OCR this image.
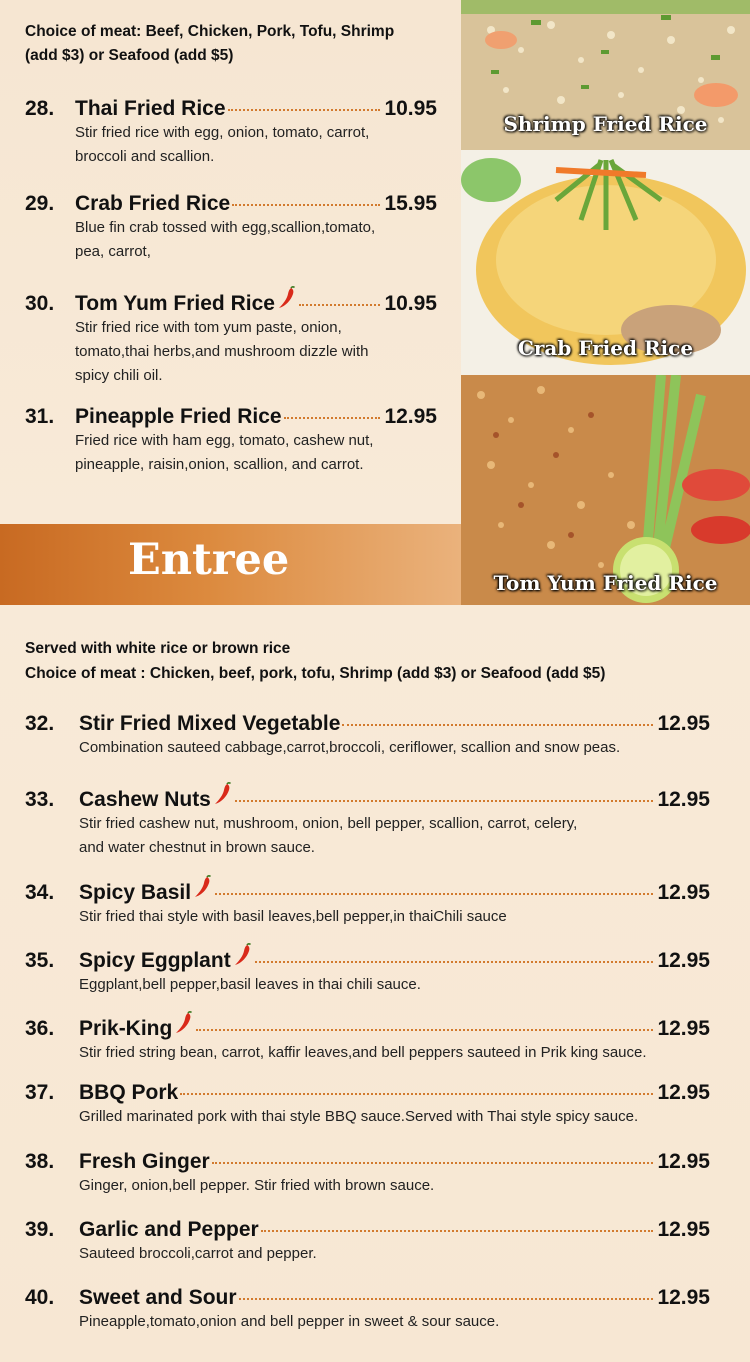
Choice of meat: Beef, Chicken, Pork, Tofu, Shrimp
(add $3) or Seafood (add $5)
Shrimp Fried Rice
Crab Fried Rice
Tom Yum Fried Rice
Entree
Served with white rice or brown rice
Choice of meat : Chicken, beef, pork, tofu, Shrimp (add $3) or Seafood (add $5)
28. Thai Fried Rice	10.95
Stir fried rice with egg, onion, tomato, carrot,
broccoli and scallion.
29. Crab Fried Rice	15.95
Blue fin crab tossed with egg,scallion,tomato,
pea, carrot,
30. Tom Yum Fried Rice	10.95
Stir fried rice with tom yum paste, onion,
tomato,thai herbs,and mushroom dizzle with
spicy chili oil.
31. Pineapple Fried Rice	12.95
Fried rice with ham egg, tomato, cashew nut,
pineapple, raisin,onion, scallion, and carrot.
32.	Stir Fried Mixed Vegetable	12.95
Combination sauteed cabbage,carrot,broccoli, ceriflower, scallion and snow peas.
33.	Cashew Nuts	12.95
Stir fried cashew nut, mushroom, onion, bell pepper, scallion, carrot, celery,
and water chestnut in brown sauce.
34.	Spicy Basil	12.95
Stir fried thai style with basil leaves,bell pepper,in thaiChili sauce
35.	Spicy Eggplant	12.95
Eggplant,bell pepper,basil leaves in thai chili sauce.
36.	Prik-King	12.95
Stir fried string bean, carrot, kaffir leaves,and bell peppers sauteed in Prik king sauce.
37.	BBQ Pork	12.95
Grilled marinated pork with thai style BBQ sauce.Served with Thai style spicy sauce.
38.	Fresh Ginger	12.95
Ginger, onion,bell pepper. Stir fried with brown sauce.
39.	Garlic and Pepper	12.95
Sauteed broccoli,carrot and pepper.
40.	Sweet and Sour	12.95
Pineapple,tomato,onion and bell pepper in sweet & sour sauce.
